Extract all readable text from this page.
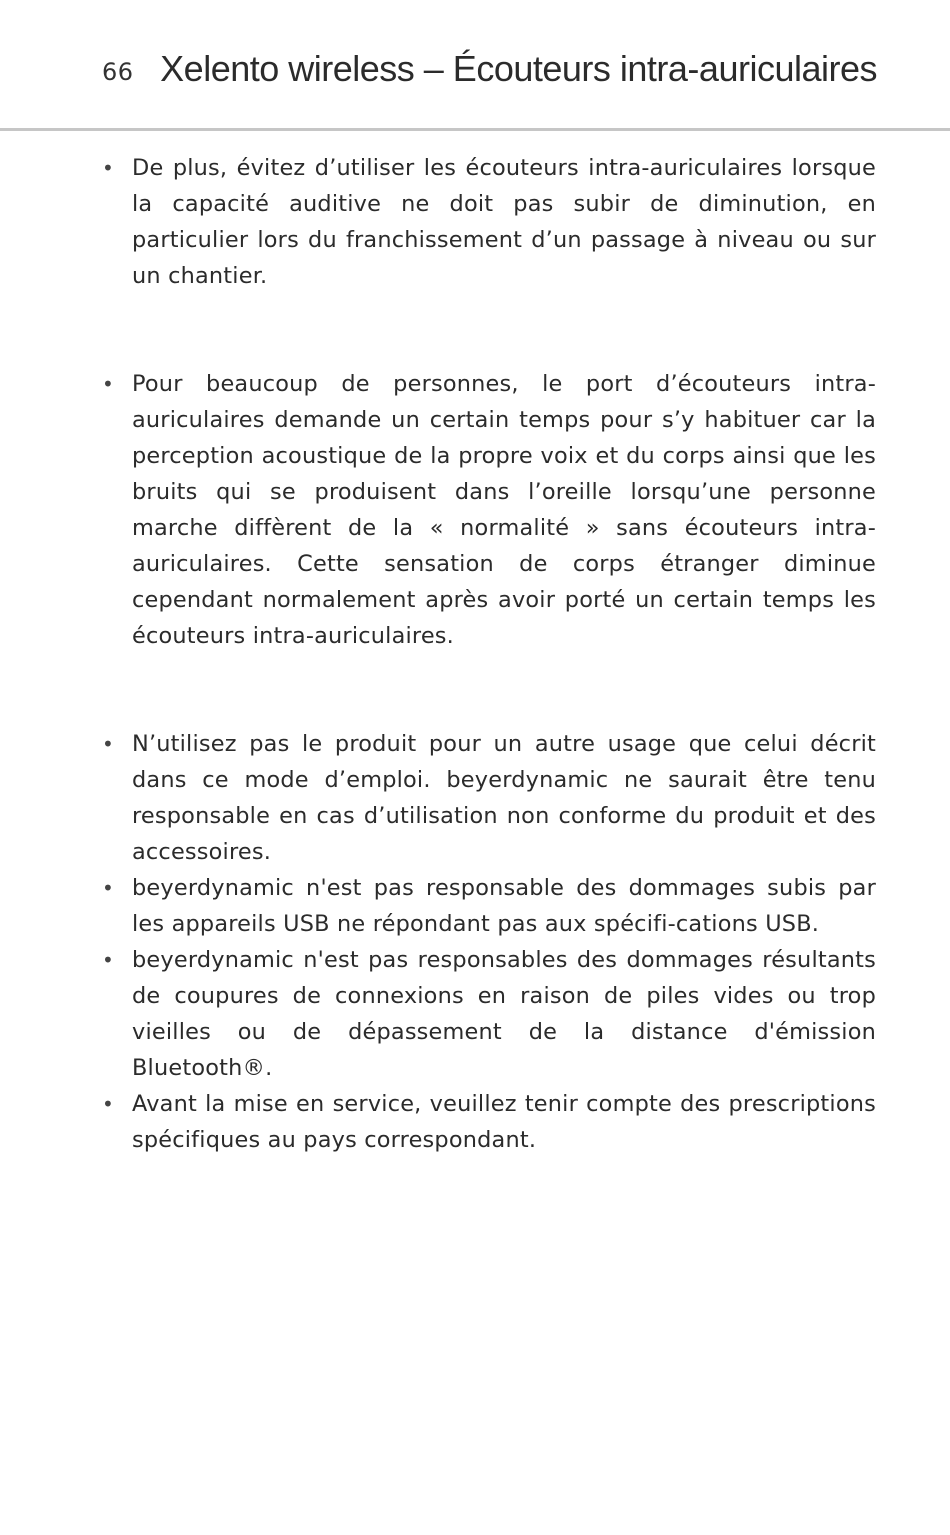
66 Xelento wireless – Écouteurs intra-auriculaires
• De plus, évitez d’utiliser les écouteurs intra-auriculaires lorsque la capacité auditive ne doit pas subir de diminution, en particulier lors du franchissement d’un passage à niveau ou sur un chantier.
• Pour beaucoup de personnes, le port d’écouteurs intra-auriculaires demande un certain temps pour s’y habituer car la perception acoustique de la propre voix et du corps ainsi que les bruits qui se produisent dans l’oreille lorsqu’une personne marche diffèrent de la « normalité » sans écouteurs intra-auriculaires. Cette sensation de corps étranger diminue cependant normalement après avoir porté un certain temps les écouteurs intra-auriculaires.
• N’utilisez pas le produit pour un autre usage que celui décrit dans ce mode d’emploi. beyerdynamic ne saurait être tenu responsable en cas d’utilisation non conforme du produit et des accessoires.
• beyerdynamic n'est pas responsable des dommages subis par les appareils USB ne répondant pas aux spécifi-cations USB.
• beyerdynamic n'est pas responsables des dommages résultants de coupures de connexions en raison de piles vides ou trop vieilles ou de dépassement de la distance d'émission Bluetooth®.
• Avant la mise en service, veuillez tenir compte des prescriptions spécifiques au pays correspondant.
